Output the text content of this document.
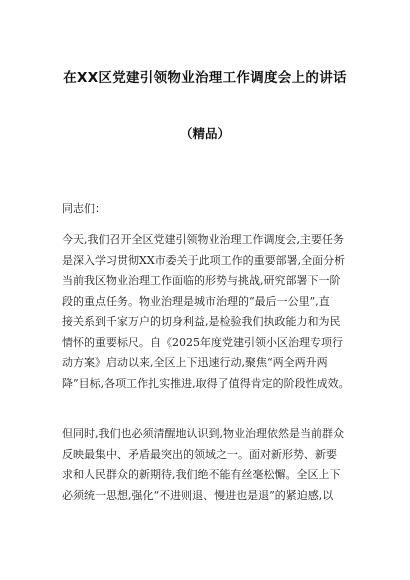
在XX区党建引领物业治理工作调度会上的讲话
（精品）
同志们：
今天,我们召开全区党建引领物业治理工作调度会,主要任务
是深入学习贯彻XX市委关于此项工作的重要部署,全面分析
当前我区物业治理工作面临的形势与挑战,研究部署下一阶
段的重点任务。物业治理是城市治理的“最后一公里”,直
接关系到千家万户的切身利益,是检验我们执政能力和为民
情怀的重要标尺。自《2025年度党建引领小区治理专项行
动方案》启动以来,全区上下迅速行动,聚焦“两全两升两
降”目标,各项工作扎实推进,取得了值得肯定的阶段性成效。
但同时,我们也必须清醒地认识到,物业治理依然是当前群众
反映最集中、矛盾最突出的领域之一。面对新形势、新要
求和人民群众的新期待,我们绝不能有丝毫松懈。全区上下
必须统一思想,强化“不进则退、慢进也是退”的紧迫感,以
